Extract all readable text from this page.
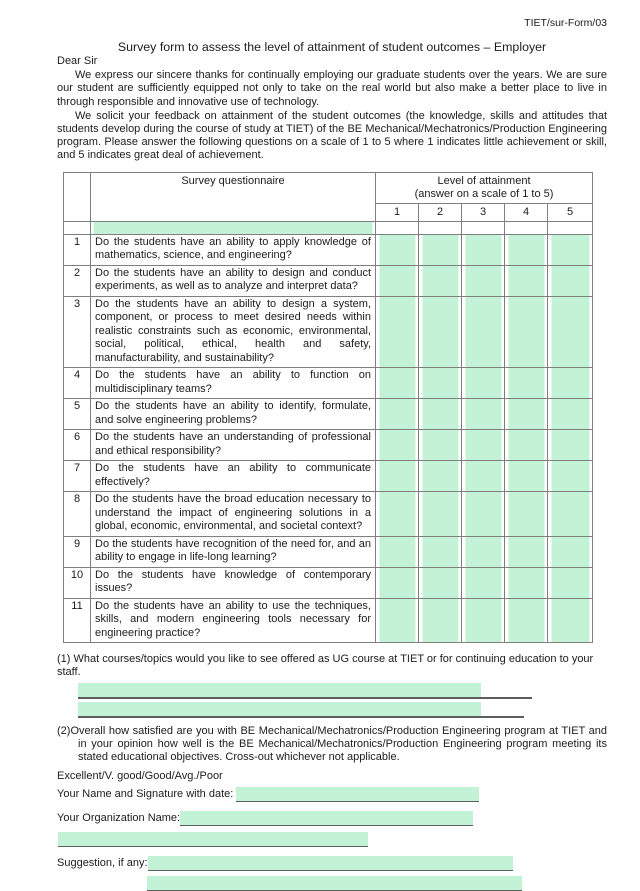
TIET/sur-Form/03
Survey form to assess the level of attainment of student outcomes – Employer
Dear Sir

We express our sincere thanks for continually employing our graduate students over the years. We are sure our student are sufficiently equipped not only to take on the real world but also make a better place to live in through responsible and innovative use of technology.

We solicit your feedback on attainment of the student outcomes (the knowledge, skills and attitudes that students develop during the course of study at TIET) of the BE Mechanical/Mechatronics/Production Engineering program. Please answer the following questions on a scale of 1 to 5 where 1 indicates little achievement or skill, and 5 indicates great deal of achievement.

	Survey questionnaire	Level of attainment
(answer on a scale of 1 to 5)				

		1	2	3	4	5

1	Do the students have an ability to apply knowledge of mathematics, science, and engineering?					
2	Do the students have an ability to design and conduct experiments, as well as to analyze and interpret data?					
3	Do the students have an ability to design a system, component, or process to meet desired needs within realistic constraints such as economic, environmental, social, political, ethical, health and safety, manufacturability, and sustainability?					
4	Do the students have an ability to function on multidisciplinary teams?					
5	Do the students have an ability to identify, formulate, and solve engineering problems?					
6	Do the students have an understanding of professional and ethical responsibility?					
7	Do the students have an ability to communicate effectively?					
8	Do the students have the broad education necessary to understand the impact of engineering solutions in a global, economic, environmental, and societal context?					
9	Do the students have recognition of the need for, and an ability to engage in life-long learning?					
10	Do the students have knowledge of contemporary issues?					
11	Do the students have an ability to use the techniques, skills, and modern engineering tools necessary for engineering practice?					
(1) What courses/topics would you like to see offered as UG course at TIET or for continuing education to your staff.

(2)Overall how satisfied are you with BE Mechanical/Mechatronics/Production Engineering program at TIET and in your opinion how well is the BE Mechanical/Mechatronics/Production Engineering program meeting its stated educational objectives. Cross-out whichever not applicable.

Excellent/V. good/Good/Avg./Poor
Your Name and Signature with date:
Your Organization Name:
Suggestion, if any:
